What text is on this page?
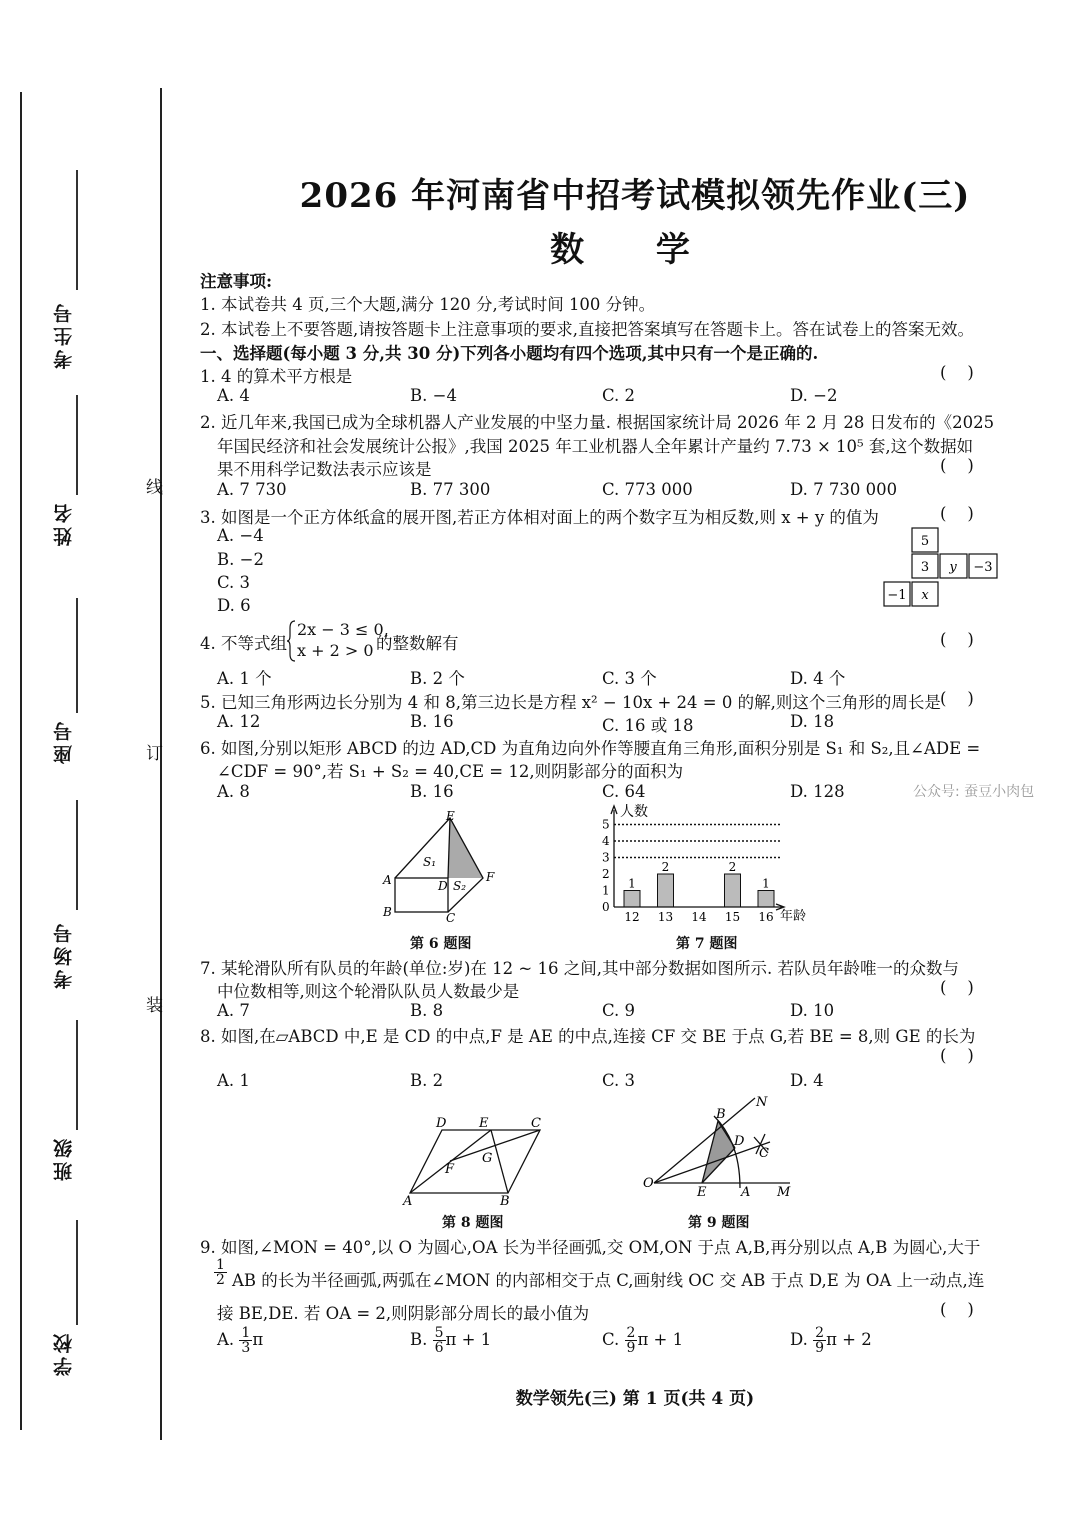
考生号
姓名
座号
考场号
班级
学校
线
订
装
2026 年河南省中招考试模拟领先作业(三)
数 学
注意事项:
1. 本试卷共 4 页,三个大题,满分 120 分,考试时间 100 分钟。
2. 本试卷上不要答题,请按答题卡上注意事项的要求,直接把答案填写在答题卡上。答在试卷上的答案无效。
一、选择题(每小题 3 分,共 30 分)下列各小题均有四个选项,其中只有一个是正确的.
1. 4 的算术平方根是	(    )
A. 4	B. −4	C. 2	D. −2
2. 近几年来,我国已成为全球机器人产业发展的中坚力量. 根据国家统计局 2026 年 2 月 28 日发布的《2025
年国民经济和社会发展统计公报》,我国 2025 年工业机器人全年累计产量约 7.73 × 10⁵ 套,这个数据如
果不用科学记数法表示应该是	(    )
A. 7 730	B. 77 300	C. 773 000	D. 7 730 000
3. 如图是一个正方体纸盒的展开图,若正方体相对面上的两个数字互为相反数,则 x + y 的值为	(    )
A. −4
B. −2
C. 3
D. 6
5
3 y −3
−1 x
4. 不等式组
2x − 3 ≤ 0,
x + 2 > 0 的整数解有	(    )
A. 1 个	B. 2 个	C. 3 个	D. 4 个
5. 已知三角形两边长分别为 4 和 8,第三边长是方程 x² − 10x + 24 = 0 的解,则这个三角形的周长是 (    )
A. 12	B. 16	C. 16 或 18	D. 18
6. 如图,分别以矩形 ABCD 的边 AD,CD 为直角边向外作等腰直角三角形,面积分别是 S₁ 和 S₂,且∠ADE =
∠CDF = 90°,若 S₁ + S₂ = 40,CE = 12,则阴影部分的面积为
公众号: 蚕豆小肉包
A. 8	B. 16	C. 64	D. 128
E
S₁
A	D S₂
F
B	C
第 6 题图
人数
年龄
0
1
2
3
4
5
1
12
2
13 14
2
15
1
16
第 7 题图
7. 某轮滑队所有队员的年龄(单位:岁)在 12 ~ 16 之间,其中部分数据如图所示. 若队员年龄唯一的众数与
中位数相等,则这个轮滑队队员人数最少是	(    )
A. 7	B. 8	C. 9	D. 10
8. 如图,在▱ABCD 中,E 是 CD 的中点,F 是 AE 的中点,连接 CF 交 BE 于点 G,若 BE = 8,则 GE 的长为
(    )
A. 1	B. 2	C. 3	D. 4
D	E	C
F
G
A	B
第 8 题图
B
N
D
C
O
E	A M
第 9 题图
9. 如图,∠MON = 40°,以 O 为圆心,OA 长为半径画弧,交 OM,ON 于点 A,B,再分别以点 A,B 为圆心,大于
$\frac{1}{2}$ AB 的长为半径画弧,两弧在∠MON 的内部相交于点 C,画射线 OC 交 AB 于点 D,E 为 OA 上一动点,连
接 BE,DE. 若 OA = 2,则阴影部分周长的最小值为	(    )
A. $\frac{1}{3}$ π	B. $\frac{5}{6}$ π + 1	C. $\frac{2}{9}$ π + 1	D. $\frac{2}{9}$ π + 2
数学领先(三) 第 1 页(共 4 页)
